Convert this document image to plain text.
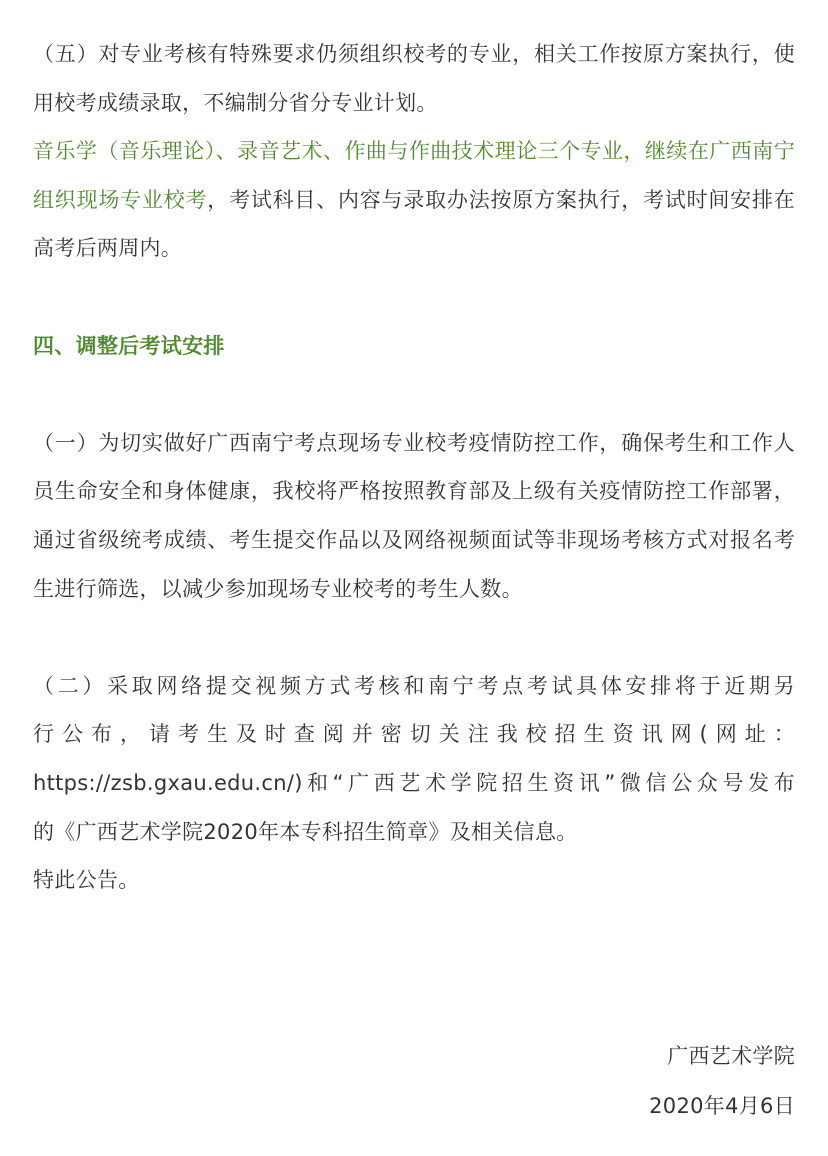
（五）对专业考核有特殊要求仍须组织校考的专业，相关工作按原方案执行，使用校考成绩录取，不编制分省分专业计划。

音乐学（音乐理论）、录音艺术、作曲与作曲技术理论三个专业，继续在广西南宁组织现场专业校考，考试科目、内容与录取办法按原方案执行，考试时间安排在高考后两周内。

四、调整后考试安排

（一）为切实做好广西南宁考点现场专业校考疫情防控工作，确保考生和工作人员生命安全和身体健康，我校将严格按照教育部及上级有关疫情防控工作部署，通过省级统考成绩、考生提交作品以及网络视频面试等非现场考核方式对报名考生进行筛选，以减少参加现场专业校考的考生人数。

（二）采取网络提交视频方式考核和南宁考点考试具体安排将于近期另

行公布，请考生及时查阅并密切关注我校招生资讯网(网址：

https://zsb.gxau.edu.cn/)和“广西艺术学院招生资讯”微信公众号发布

的《广西艺术学院2020年本专科招生简章》及相关信息。

特此公告。

广西艺术学院
2020年4月6日
